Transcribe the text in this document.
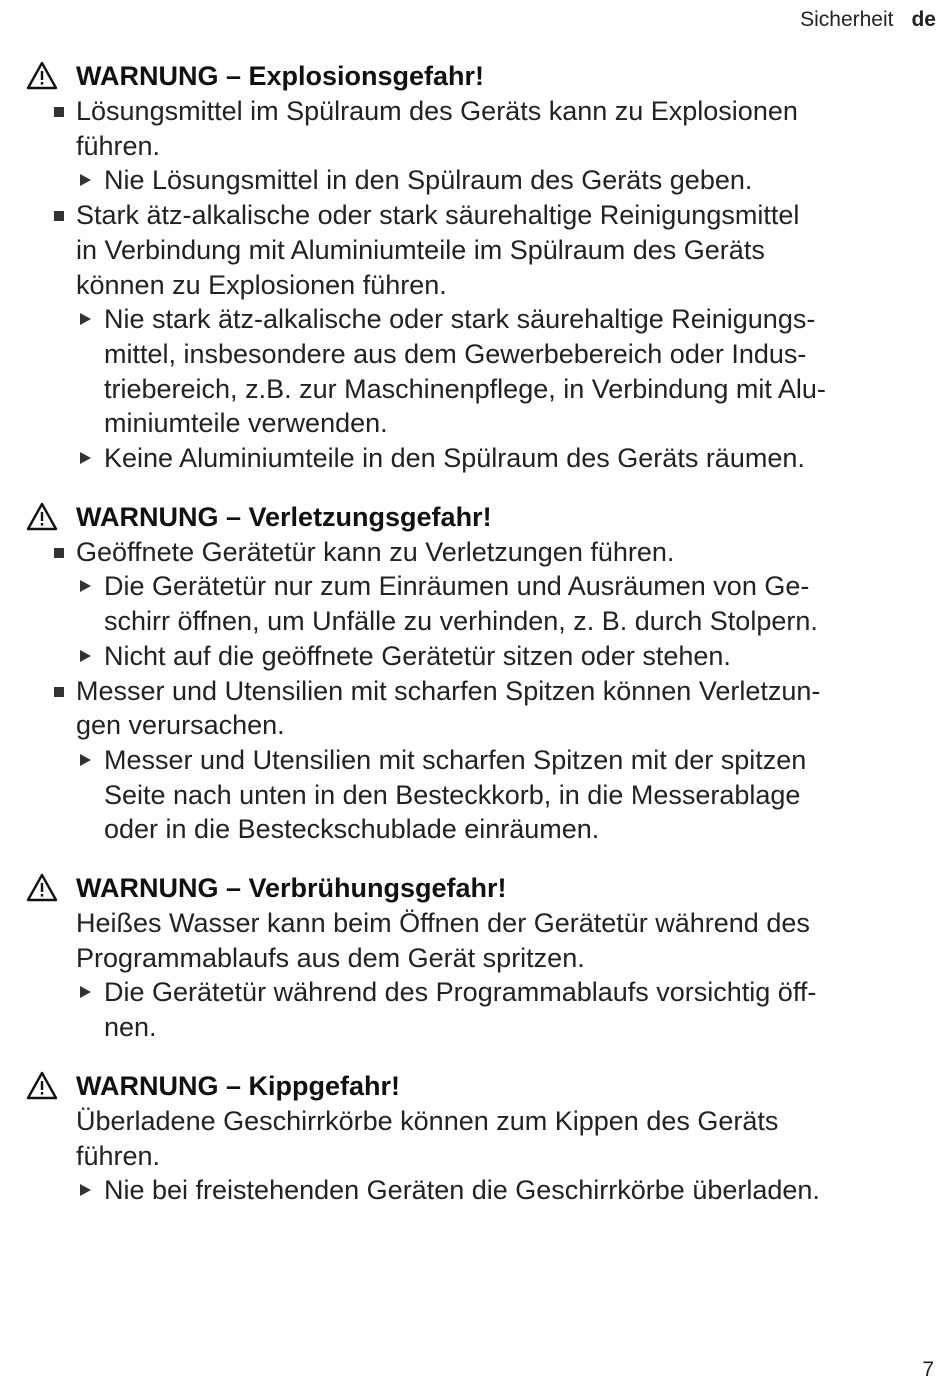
Sicherheit de
WARNUNG – Explosionsgefahr!
Lösungsmittel im Spülraum des Geräts kann zu Explosionen
führen.
Nie Lösungsmittel in den Spülraum des Geräts geben.
Stark ätz-alkalische oder stark säurehaltige Reinigungsmittel
in Verbindung mit Aluminiumteile im Spülraum des Geräts
können zu Explosionen führen.
Nie stark ätz-alkalische oder stark säurehaltige Reinigungs-
mittel, insbesondere aus dem Gewerbebereich oder Indus-
triebereich, z.B. zur Maschinenpflege, in Verbindung mit Alu-
miniumteile verwenden.
Keine Aluminiumteile in den Spülraum des Geräts räumen.
WARNUNG – Verletzungsgefahr!
Geöffnete Gerätetür kann zu Verletzungen führen.
Die Gerätetür nur zum Einräumen und Ausräumen von Ge-
schirr öffnen, um Unfälle zu verhinden, z. B. durch Stolpern.
Nicht auf die geöffnete Gerätetür sitzen oder stehen.
Messer und Utensilien mit scharfen Spitzen können Verletzun-
gen verursachen.
Messer und Utensilien mit scharfen Spitzen mit der spitzen
Seite nach unten in den Besteckkorb, in die Messerablage
oder in die Besteckschublade einräumen.
WARNUNG – Verbrühungsgefahr!
Heißes Wasser kann beim Öffnen der Gerätetür während des
Programmablaufs aus dem Gerät spritzen.
Die Gerätetür während des Programmablaufs vorsichtig öff-
nen.
WARNUNG – Kippgefahr!
Überladene Geschirrkörbe können zum Kippen des Geräts
führen.
Nie bei freistehenden Geräten die Geschirrkörbe überladen.
7
